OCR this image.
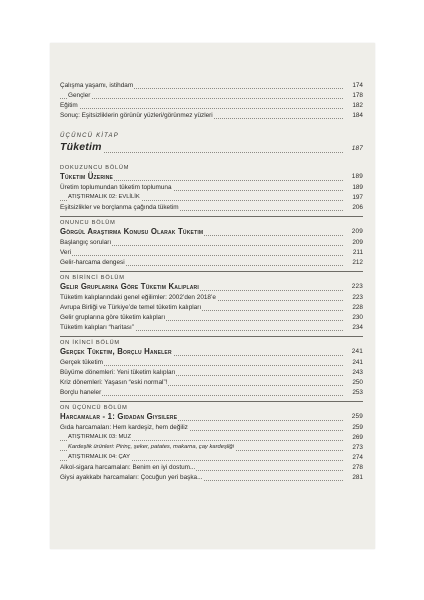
Çalışma yaşamı, istihdam	174
Gençler	178
Eğitim	182
Sonuç: Eşitsizliklerin görünür yüzleri/görünmez yüzleri	184
ÜÇÜNCÜ KİTAP
Tüketim	187
DOKUZUNCU BÖLÜM
Tüketim Üzerine	189
Üretim toplumundan tüketim toplumuna	189
ATIŞTIRMALIK 02: EVLİLİK	197
Eşitsizlikler ve borçlanma çağında tüketim	206
ONUNCU BÖLÜM
Görgül Araştırma Konusu Olarak Tüketim	209
Başlangıç soruları	209
Veri	211
Gelir-harcama dengesi	212
ON BİRİNCİ BÖLÜM
Gelir Gruplarına Göre Tüketim Kalıpları	223
Tüketim kalıplarındaki genel eğilimler: 2002’den 2018’e	223
Avrupa Birliği ve Türkiye’de temel tüketim kalıpları	228
Gelir gruplarına göre tüketim kalıpları	230
Tüketim kalıpları “haritası”	234
ON İKİNCİ BÖLÜM
Gerçek Tüketim, Borçlu Haneler	241
Gerçek tüketim	241
Büyüme dönemleri: Yeni tüketim kalıpları	243
Kriz dönemleri: Yaşasın “eski normal”!	250
Borçlu haneler	253
ON ÜÇÜNCÜ BÖLÜM
Harcamalar - 1: Gıdadan Giysilere	259
Gıda harcamaları: Hem kardeşiz, hem değiliz	259
ATIŞTIRMALIK 03: MUZ	269
Kardeşlik ürünleri: Pirinç, şeker, patates, makarna, çay kardeşliği	273
ATIŞTIRMALIK 04: ÇAY	274
Alkol-sigara harcamaları: Benim en iyi dostum...	278
Giysi ayakkabı harcamaları: Çocuğun yeri başka...	281
